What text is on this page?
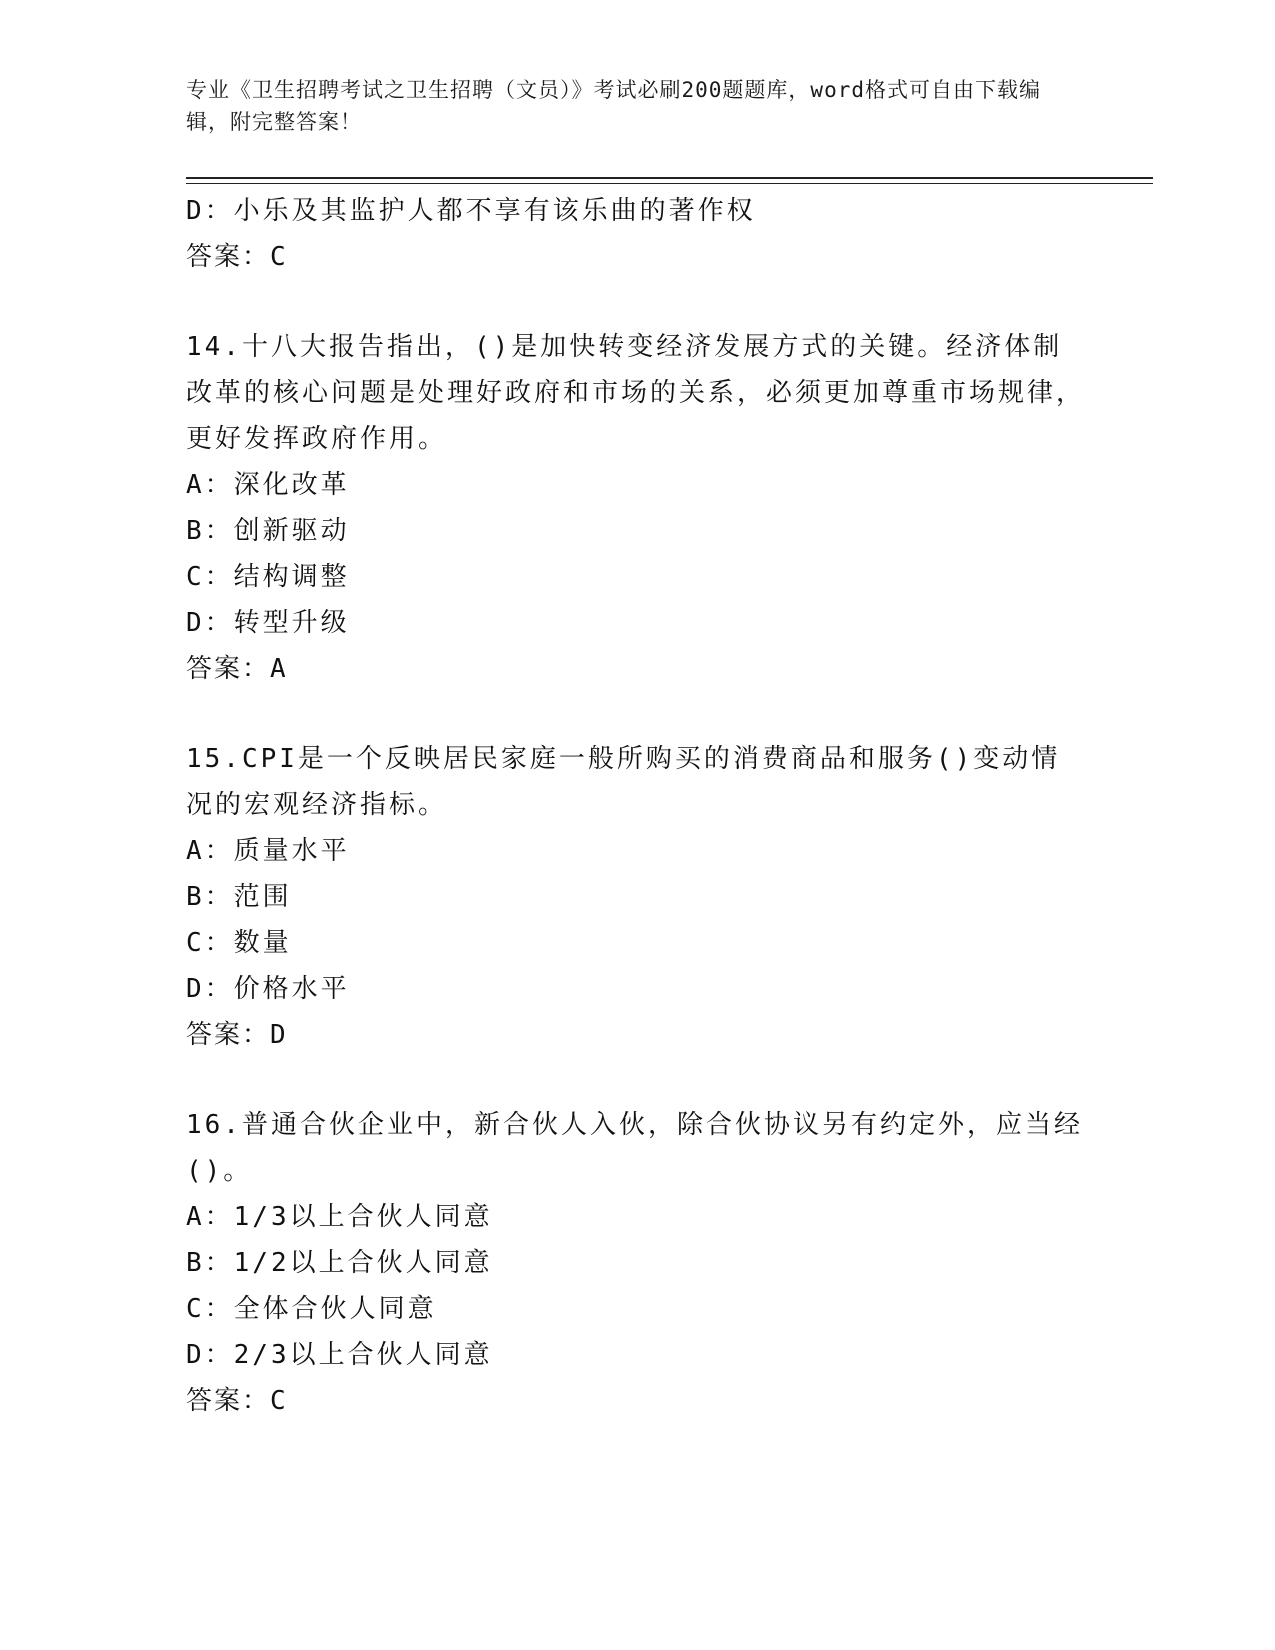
专业《卫生招聘考试之卫生招聘（文员）》考试必刷200题题库，word格式可自由下载编辑，附完整答案！

D：小乐及其监护人都不享有该乐曲的著作权

答案：C

14.十八大报告指出，()是加快转变经济发展方式的关键。经济体制改革的核心问题是处理好政府和市场的关系，必须更加尊重市场规律，更好发挥政府作用。

A：深化改革

B：创新驱动

C：结构调整

D：转型升级

答案：A

15.CPI是一个反映居民家庭一般所购买的消费商品和服务()变动情况的宏观经济指标。

A：质量水平

B：范围

C：数量

D：价格水平

答案：D

16.普通合伙企业中，新合伙人入伙，除合伙协议另有约定外，应当经()。

A：1/3以上合伙人同意

B：1/2以上合伙人同意

C：全体合伙人同意

D：2/3以上合伙人同意

答案：C
